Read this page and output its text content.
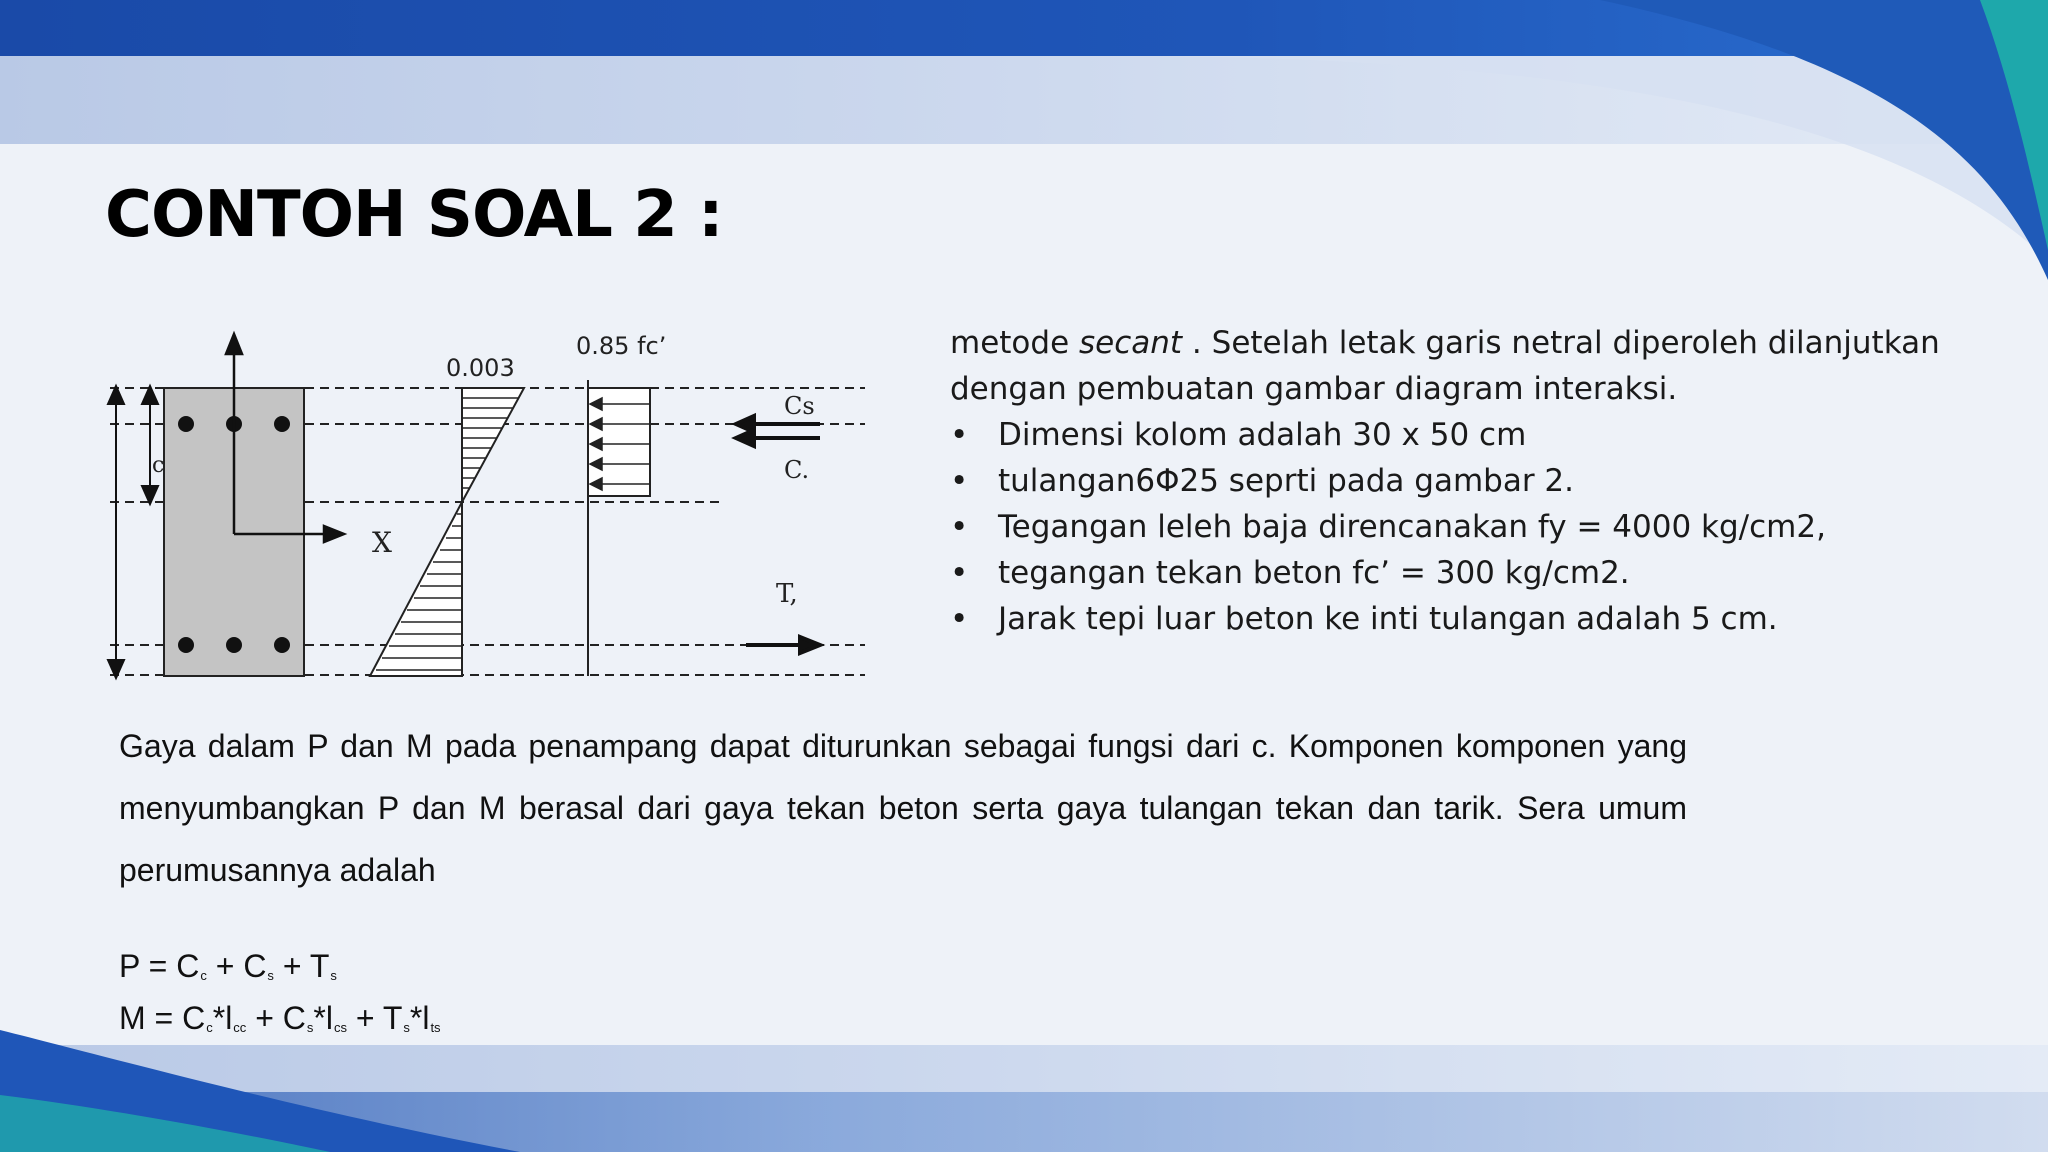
CONTOH SOAL 2 :
X
c
0.003
0.85 fc’
Cs
C.
T,

metode secant . Setelah letak garis netral diperoleh dilanjutkan

dengan pembuatan gambar diagram interaksi.

• Dimensi kolom adalah 30 x 50 cm
• tulangan6Φ25 seprti pada gambar 2.
• Tegangan leleh baja direncanakan fy = 4000 kg/cm2,
• tegangan tekan beton fc’ = 300 kg/cm2.
• Jarak tepi luar beton ke inti tulangan adalah 5 cm.
Gaya dalam P dan M pada penampang dapat diturunkan sebagai fungsi dari c. Komponen komponen yang menyumbangkan P dan M berasal dari gaya tekan beton serta gaya tulangan tekan dan tarik. Sera umum perumusannya adalah
$P = C_c + C_s + T_s$
$M = C_c*l_{cc} + C_s*l_{cs} + T_s*l_{ts}$
